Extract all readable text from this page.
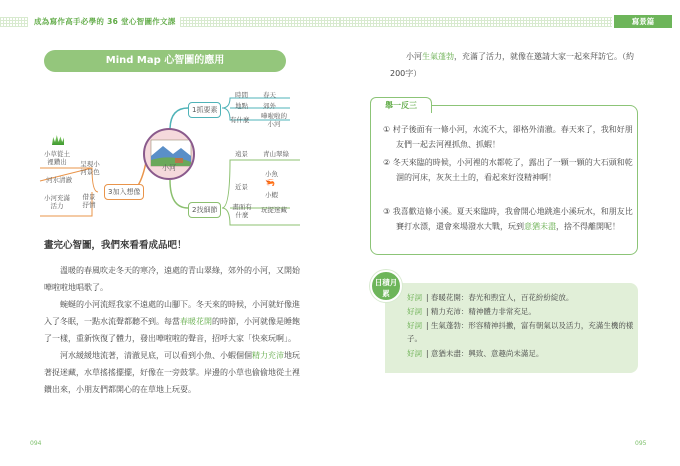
成為寫作高手必學的 36 堂心智圖作文課
Mind Map 心智圖的應用
小河
1抓要素
時間 春天
地點 郊外
有什麼 嘩啦啦的小河
2找細節
遠景 青山翠綠
近景
小魚
🦐
小蝦
畫面有什麼
玩捉迷藏
3加入想像
呈現小河景色
小草從土裡鑽出
河水清澈
借景抒情
小河充滿活力
畫完心智圖，我們來看看成品吧！
溫暖的春風吹走冬天的寒冷，遠處的青山翠綠，郊外的小河，又開始嘩啦啦地唱歌了。
蜿蜒的小河流經我家不遠處的山腳下。冬天來的時候，小河就好像進入了冬眠，一點水流聲都聽不到。每當春暖花開的時節，小河就像是睡飽了一樣，重新恢復了體力，發出嘩啦啦的聲音，招呼大家「快來玩啊」。
河水緩緩地流著，清澈見底，可以看到小魚、小蝦個個精力充沛地玩著捉迷藏，水草搖搖擺擺，好像在一旁鼓掌。岸邊的小草也偷偷地從土裡鑽出來，小朋友們都開心的在草地上玩耍。
094
寫景篇
小河生氣蓬勃，充滿了活力，就像在邀請大家一起來拜訪它。（約 200字）
舉一反三
① 村子後面有一條小河，水流不大，卻格外清澈。春天來了，我和好朋友們一起去河裡抓魚、抓蝦！
② 冬天來臨的時候，小河裡的水都乾了，露出了一顆一顆的大石頭和乾涸的河床，灰灰土土的，看起來好沒精神啊！
③ 我喜歡這條小溪。夏天來臨時，我會開心地跳進小溪玩水，和朋友比賽打水漂，還會來場潑水大戰，玩到意猶未盡，捨不得離開呢！
日積月累	好詞 | 春暖花開：春光和煦宜人，百花紛紛綻放。
好詞 | 精力充沛：精神體力非常充足。
好詞 | 生氣蓬勃：形容精神抖擻，富有朝氣以及活力，充滿生機的樣子。
好詞 | 意猶未盡：興致、意趣尚未滿足。
095
